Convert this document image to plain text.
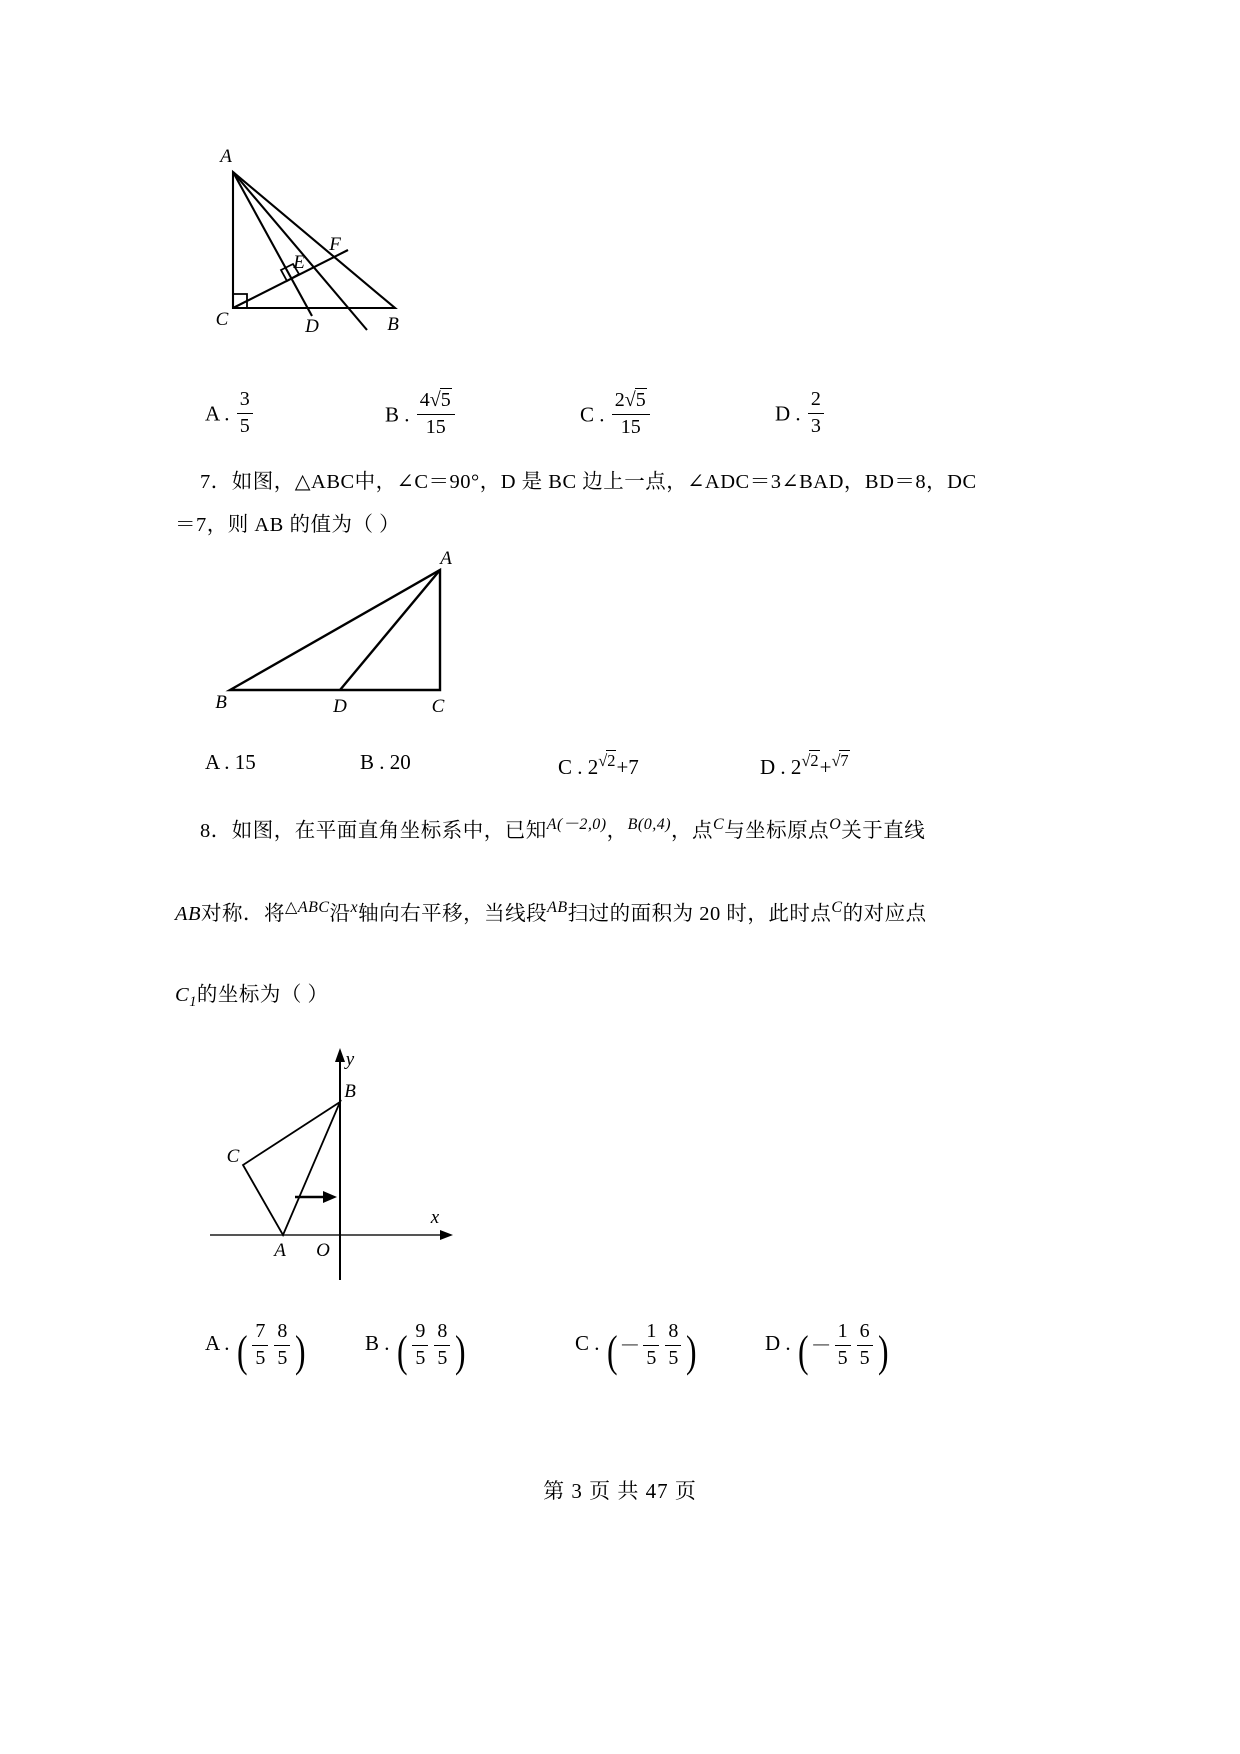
A
F
E
C	D	B
A . $\frac{3}{5}$	B . $\frac{4√5}{15}$	C . $\frac{2√5}{15}$	D . $\frac{2}{3}$
7．如图，△ABC中，∠C＝90°，D 是 BC 边上一点，∠ADC＝3∠BAD，BD＝8，DC
＝7，则 AB 的值为（ ）
A
B	D	C
A . 15	B . 20	C . $2^{√2}+7$	D . $2^{√2}+^{√7}$
8．如图，在平面直角坐标系中，已知$^{A(-2,0)}$，$^{B(0,4)}$，点$^C$与坐标原点$^O$关于直线
AB对称．将$^{\triangle ABC}$沿$^x$轴向右平移，当线段$^{AB}$扫过的面积为 20 时，此时点$^C$的对应点
$C_1$的坐标为（ ）
B
C
A O
y
x
A . ( $\frac{7}{5} \frac{8}{5}$ )	B . ( $\frac{9}{5} \frac{8}{5}$ )	C . (－ $\frac{1}{5} \frac{8}{5}$ )	D . (－ $\frac{1}{5} \frac{6}{5}$ )
第 3 页 共 47 页
